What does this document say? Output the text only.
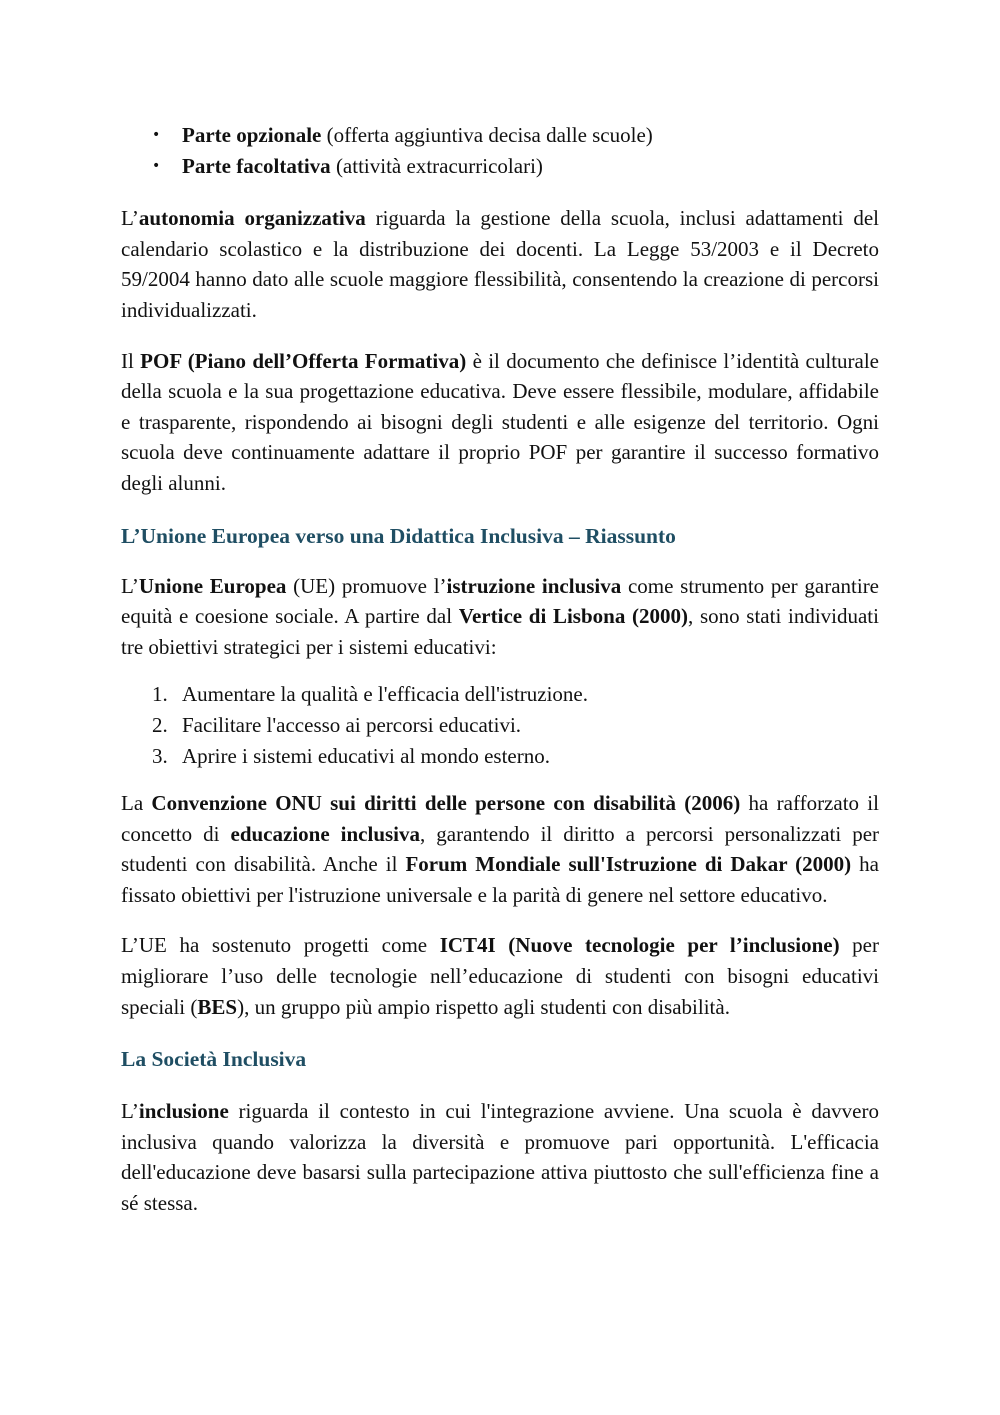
• Parte opzionale (offerta aggiuntiva decisa dalle scuole)
• Parte facoltativa (attività extracurricolari)

L’autonomia organizzativa riguarda la gestione della scuola, inclusi adattamenti del calendario scolastico e la distribuzione dei docenti. La Legge 53/2003 e il Decreto 59/2004 hanno dato alle scuole maggiore flessibilità, consentendo la creazione di percorsi individualizzati.

Il POF (Piano dell’Offerta Formativa) è il documento che definisce l’identità culturale della scuola e la sua progettazione educativa. Deve essere flessibile, modulare, affidabile e trasparente, rispondendo ai bisogni degli studenti e alle esigenze del territorio. Ogni scuola deve continuamente adattare il proprio POF per garantire il successo formativo degli alunni.

L’Unione Europea verso una Didattica Inclusiva – Riassunto

L’Unione Europea (UE) promuove l’istruzione inclusiva come strumento per garantire equità e coesione sociale. A partire dal Vertice di Lisbona (2000), sono stati individuati tre obiettivi strategici per i sistemi educativi:

1. Aumentare la qualità e l'efficacia dell'istruzione.
2. Facilitare l'accesso ai percorsi educativi.
3. Aprire i sistemi educativi al mondo esterno.

La Convenzione ONU sui diritti delle persone con disabilità (2006) ha rafforzato il concetto di educazione inclusiva, garantendo il diritto a percorsi personalizzati per studenti con disabilità. Anche il Forum Mondiale sull'Istruzione di Dakar (2000) ha fissato obiettivi per l'istruzione universale e la parità di genere nel settore educativo.

L’UE ha sostenuto progetti come ICT4I (Nuove tecnologie per l’inclusione) per migliorare l’uso delle tecnologie nell’educazione di studenti con bisogni educativi speciali (BES), un gruppo più ampio rispetto agli studenti con disabilità.

La Società Inclusiva

L’inclusione riguarda il contesto in cui l'integrazione avviene. Una scuola è davvero inclusiva quando valorizza la diversità e promuove pari opportunità. L'efficacia dell'educazione deve basarsi sulla partecipazione attiva piuttosto che sull'efficienza fine a sé stessa.
